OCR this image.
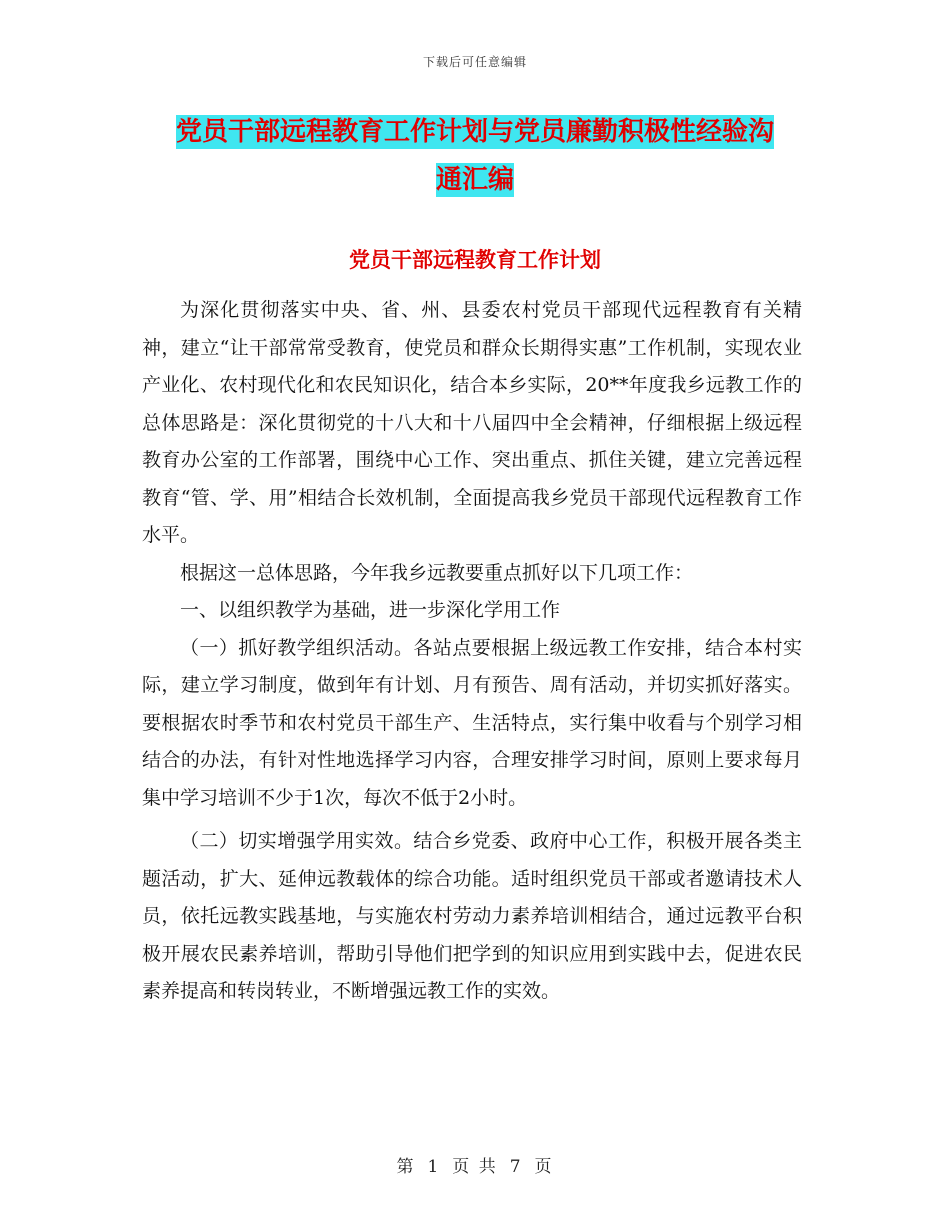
下载后可任意编辑
党员干部远程教育工作计划与党员廉勤积极性经验沟
通汇编
党员干部远程教育工作计划

为深化贯彻落实中央、省、州、县委农村党员干部现代远程教育有关精神，建立“让干部常常受教育，使党员和群众长期得实惠”工作机制，实现农业产业化、农村现代化和农民知识化，结合本乡实际，20**年度我乡远教工作的总体思路是：深化贯彻党的十八大和十八届四中全会精神，仔细根据上级远程教育办公室的工作部署，围绕中心工作、突出重点、抓住关键，建立完善远程教育“管、学、用”相结合长效机制，全面提高我乡党员干部现代远程教育工作水平。

根据这一总体思路，今年我乡远教要重点抓好以下几项工作：

一、以组织教学为基础，进一步深化学用工作

（一）抓好教学组织活动。各站点要根据上级远教工作安排，结合本村实际，建立学习制度，做到年有计划、月有预告、周有活动，并切实抓好落实。要根据农时季节和农村党员干部生产、生活特点，实行集中收看与个别学习相结合的办法，有针对性地选择学习内容，合理安排学习时间，原则上要求每月集中学习培训不少于1次，每次不低于2小时。

（二）切实增强学用实效。结合乡党委、政府中心工作，积极开展各类主题活动，扩大、延伸远教载体的综合功能。适时组织党员干部或者邀请技术人员，依托远教实践基地，与实施农村劳动力素养培训相结合，通过远教平台积极开展农民素养培训，帮助引导他们把学到的知识应用到实践中去，促进农民素养提高和转岗转业，不断增强远教工作的实效。

第 1 页 共 7 页
